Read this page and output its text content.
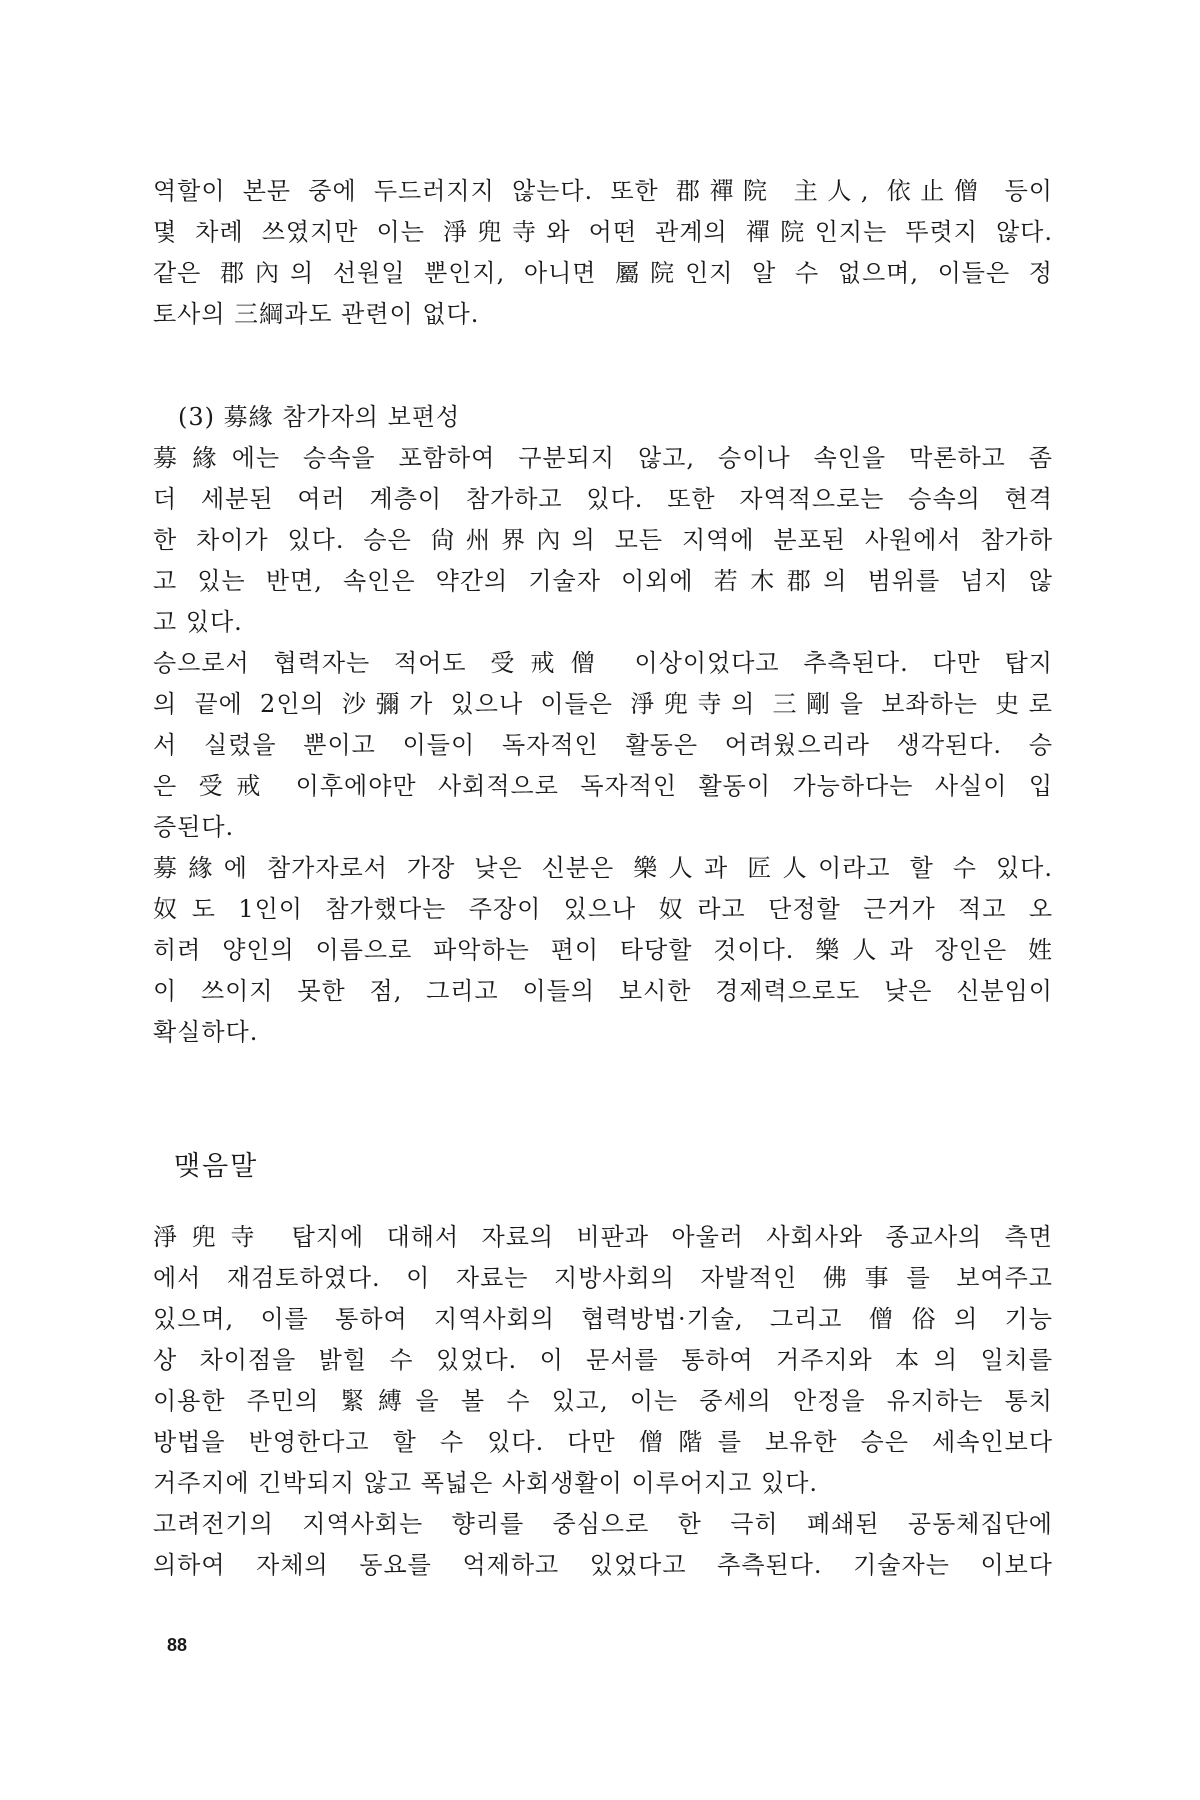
역할이 본문 중에 두드러지지 않는다. 또한 郡禪院 主人, 依止僧 등이
몇 차례 쓰였지만 이는 淨兜寺와 어떤 관계의 禪院인지는 뚜렷지 않다.
같은 郡內의 선원일 뿐인지, 아니면 屬院인지 알 수 없으며, 이들은 정
토사의 三綱과도 관련이 없다.
(3) 募緣 참가자의 보편성
募緣에는 승속을 포함하여 구분되지 않고, 승이나 속인을 막론하고 좀
더 세분된 여러 계층이 참가하고 있다. 또한 자역적으로는 승속의 현격
한 차이가 있다. 승은 尙州界內의 모든 지역에 분포된 사원에서 참가하
고 있는 반면, 속인은 약간의 기술자 이외에 若木郡의 범위를 넘지 않
고 있다.
승으로서 협력자는 적어도 受戒僧 이상이었다고 추측된다. 다만 탑지
의 끝에 2인의 沙彌가 있으나 이들은 淨兜寺의 三剛을 보좌하는 史로
서 실렸을 뿐이고 이들이 독자적인 활동은 어려웠으리라 생각된다. 승
은 受戒 이후에야만 사회적으로 독자적인 활동이 가능하다는 사실이 입
증된다.
募緣에 참가자로서 가장 낮은 신분은 樂人과 匠人이라고 할 수 있다.
奴도 1인이 참가했다는 주장이 있으나 奴라고 단정할 근거가 적고 오
히려 양인의 이름으로 파악하는 편이 타당할 것이다. 樂人과 장인은 姓
이 쓰이지 못한 점, 그리고 이들의 보시한 경제력으로도 낮은 신분임이
확실하다.
맺음말
淨兜寺 탑지에 대해서 자료의 비판과 아울러 사회사와 종교사의 측면
에서 재검토하였다. 이 자료는 지방사회의 자발적인 佛事를 보여주고
있으며, 이를 통하여 지역사회의 협력방법·기술, 그리고 僧俗의 기능
상 차이점을 밝힐 수 있었다. 이 문서를 통하여 거주지와 本의 일치를
이용한 주민의 緊縛을 볼 수 있고, 이는 중세의 안정을 유지하는 통치
방법을 반영한다고 할 수 있다. 다만 僧階를 보유한 승은 세속인보다
거주지에 긴박되지 않고 폭넓은 사회생활이 이루어지고 있다.
고려전기의 지역사회는 향리를 중심으로 한 극히 폐쇄된 공동체집단에
의하여 자체의 동요를 억제하고 있었다고 추측된다. 기술자는 이보다
88
